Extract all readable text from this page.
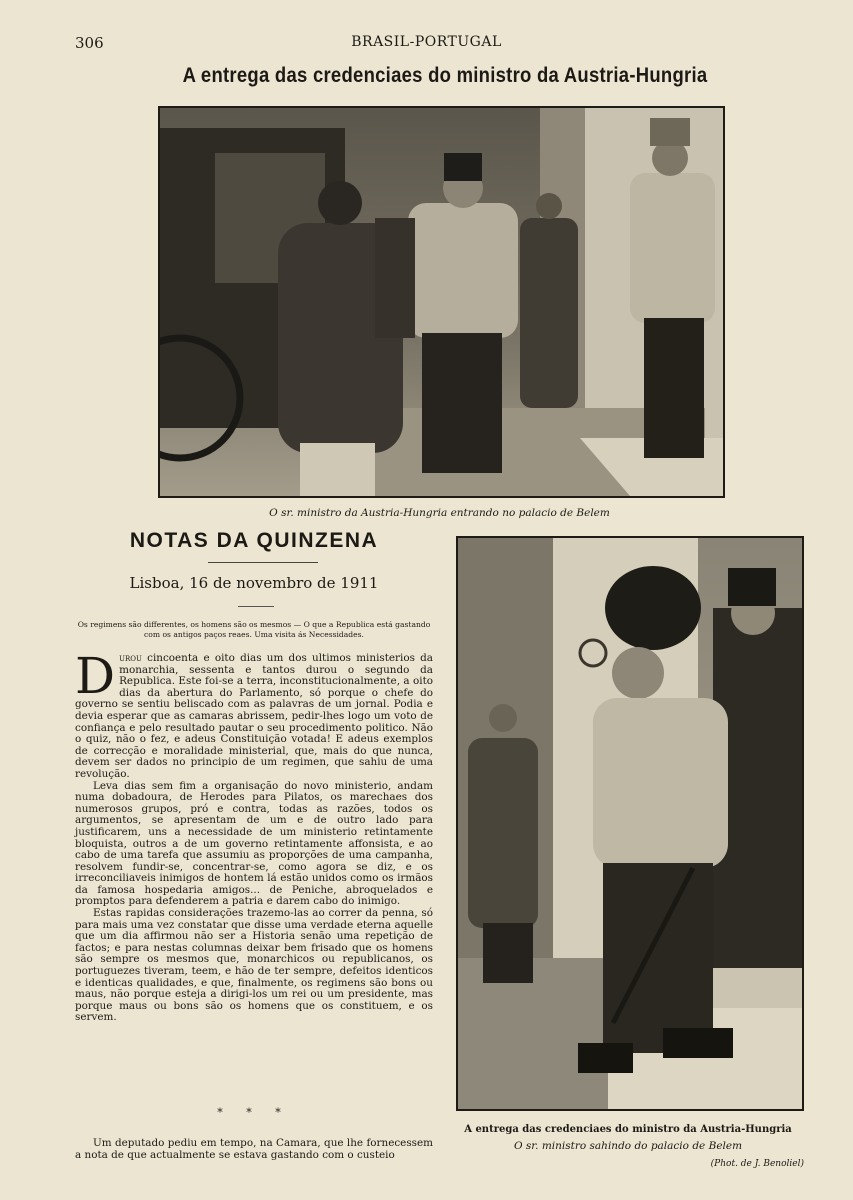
306	BRASIL-PORTUGAL
A entrega das credenciaes do ministro da Austria-Hungria
O sr. ministro da Austria-Hungria entrando no palacio de Belem
NOTAS DA QUINZENA
Lisboa, 16 de novembro de 1911
Os regimens são differentes, os homens são os mesmos — O que a Republica está gastando com os antigos paços reaes. Uma visita ás Necessidades.

Durou cincoenta e oito dias um dos ultimos ministerios da monarchia, sessenta e tantos durou o segundo da Republica. Este foi-se a terra, inconstitucionalmente, a oito dias da abertura do Parlamento, só porque o chefe do governo se sentiu beliscado com as palavras de um jornal. Podia e devia esperar que as camaras abrissem, pedir-lhes logo um voto de confiança e pelo resultado pautar o seu procedimento politico. Não o quiz, não o fez, e adeus Constituição votada! E adeus exemplos de correcção e moralidade ministerial, que, mais do que nunca, devem ser dados no principio de um regimen, que sahiu de uma revolução.

Leva dias sem fim a organisação do novo ministerio, andam numa dobadoura, de Herodes para Pilatos, os marechaes dos numerosos grupos, pró e contra, todas as razões, todos os argumentos, se apresentam de um e de outro lado para justificarem, uns a necessidade de um ministerio retintamente bloquista, outros a de um governo retintamente affonsista, e ao cabo de uma tarefa que assumiu as proporções de uma campanha, resolvem fundir-se, concentrar-se, como agora se diz, e os irreconciliaveis inimigos de hontem lá estão unidos como os irmãos da famosa hospedaria amigos... de Peniche, abroquelados e promptos para defenderem a patria e darem cabo do inimigo.

Estas rapidas considerações trazemo-las ao correr da penna, só para mais uma vez constatar que disse uma verdade eterna aquelle que um dia affirmou não ser a Historia senão uma repetição de factos; e para nestas columnas deixar bem frisado que os homens são sempre os mesmos que, monarchicos ou republicanos, os portuguezes tiveram, teem, e hão de ter sempre, defeitos identicos e identicas qualidades, e que, finalmente, os regimens são bons ou maus, não porque esteja a dirigi-los um rei ou um presidente, mas porque maus ou bons são os homens que os constituem, e os servem.

* * *

Um deputado pediu em tempo, na Camara, que lhe fornecessem a nota de que actualmente se estava gastando com o custeio

A entrega das credenciaes do ministro da Austria-Hungria
O sr. ministro sahindo do palacio de Belem
(Phot. de J. Benoliel)
